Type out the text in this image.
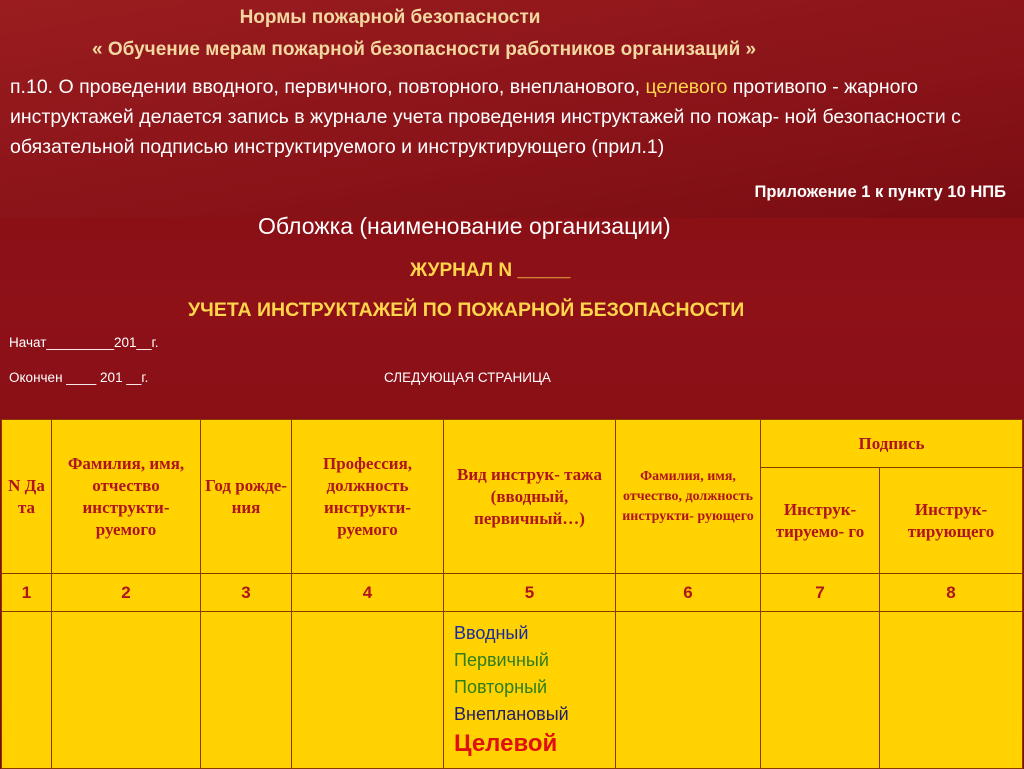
Нормы пожарной безопасности
« Обучение мерам пожарной безопасности работников организаций »
п.10. О проведении вводного, первичного, повторного, внепланового, целевого противопо - жарного инструктажей делается запись в журнале учета проведения инструктажей по пожар- ной безопасности с обязательной подписью инструктируемого и инструктирующего (прил.1)
Приложение 1 к пункту 10 НПБ
Обложка (наименование организации)
ЖУРНАЛ N _____
УЧЕТА ИНСТРУКТАЖЕЙ ПО ПОЖАРНОЙ БЕЗОПАСНОСТИ
Начат_________201__г.
Окончен ____ 201 __г.	СЛЕДУЮЩАЯ СТРАНИЦА
N Да та	Фамилия, имя, отчество инструкти- руемого	Год рожде- ния	Профессия, должность инструкти- руемого	Вид инструк- тажа (вводный, первичный…)	Фамилия, имя, отчество, должность инструкти- рующего	Подпись	
						Инструк- тируемо- го	Инструк- тирующего
1	2	3	4	5	6	7	8

				Вводный
Первичный
Повторный
Внеплановый
Целевой			
